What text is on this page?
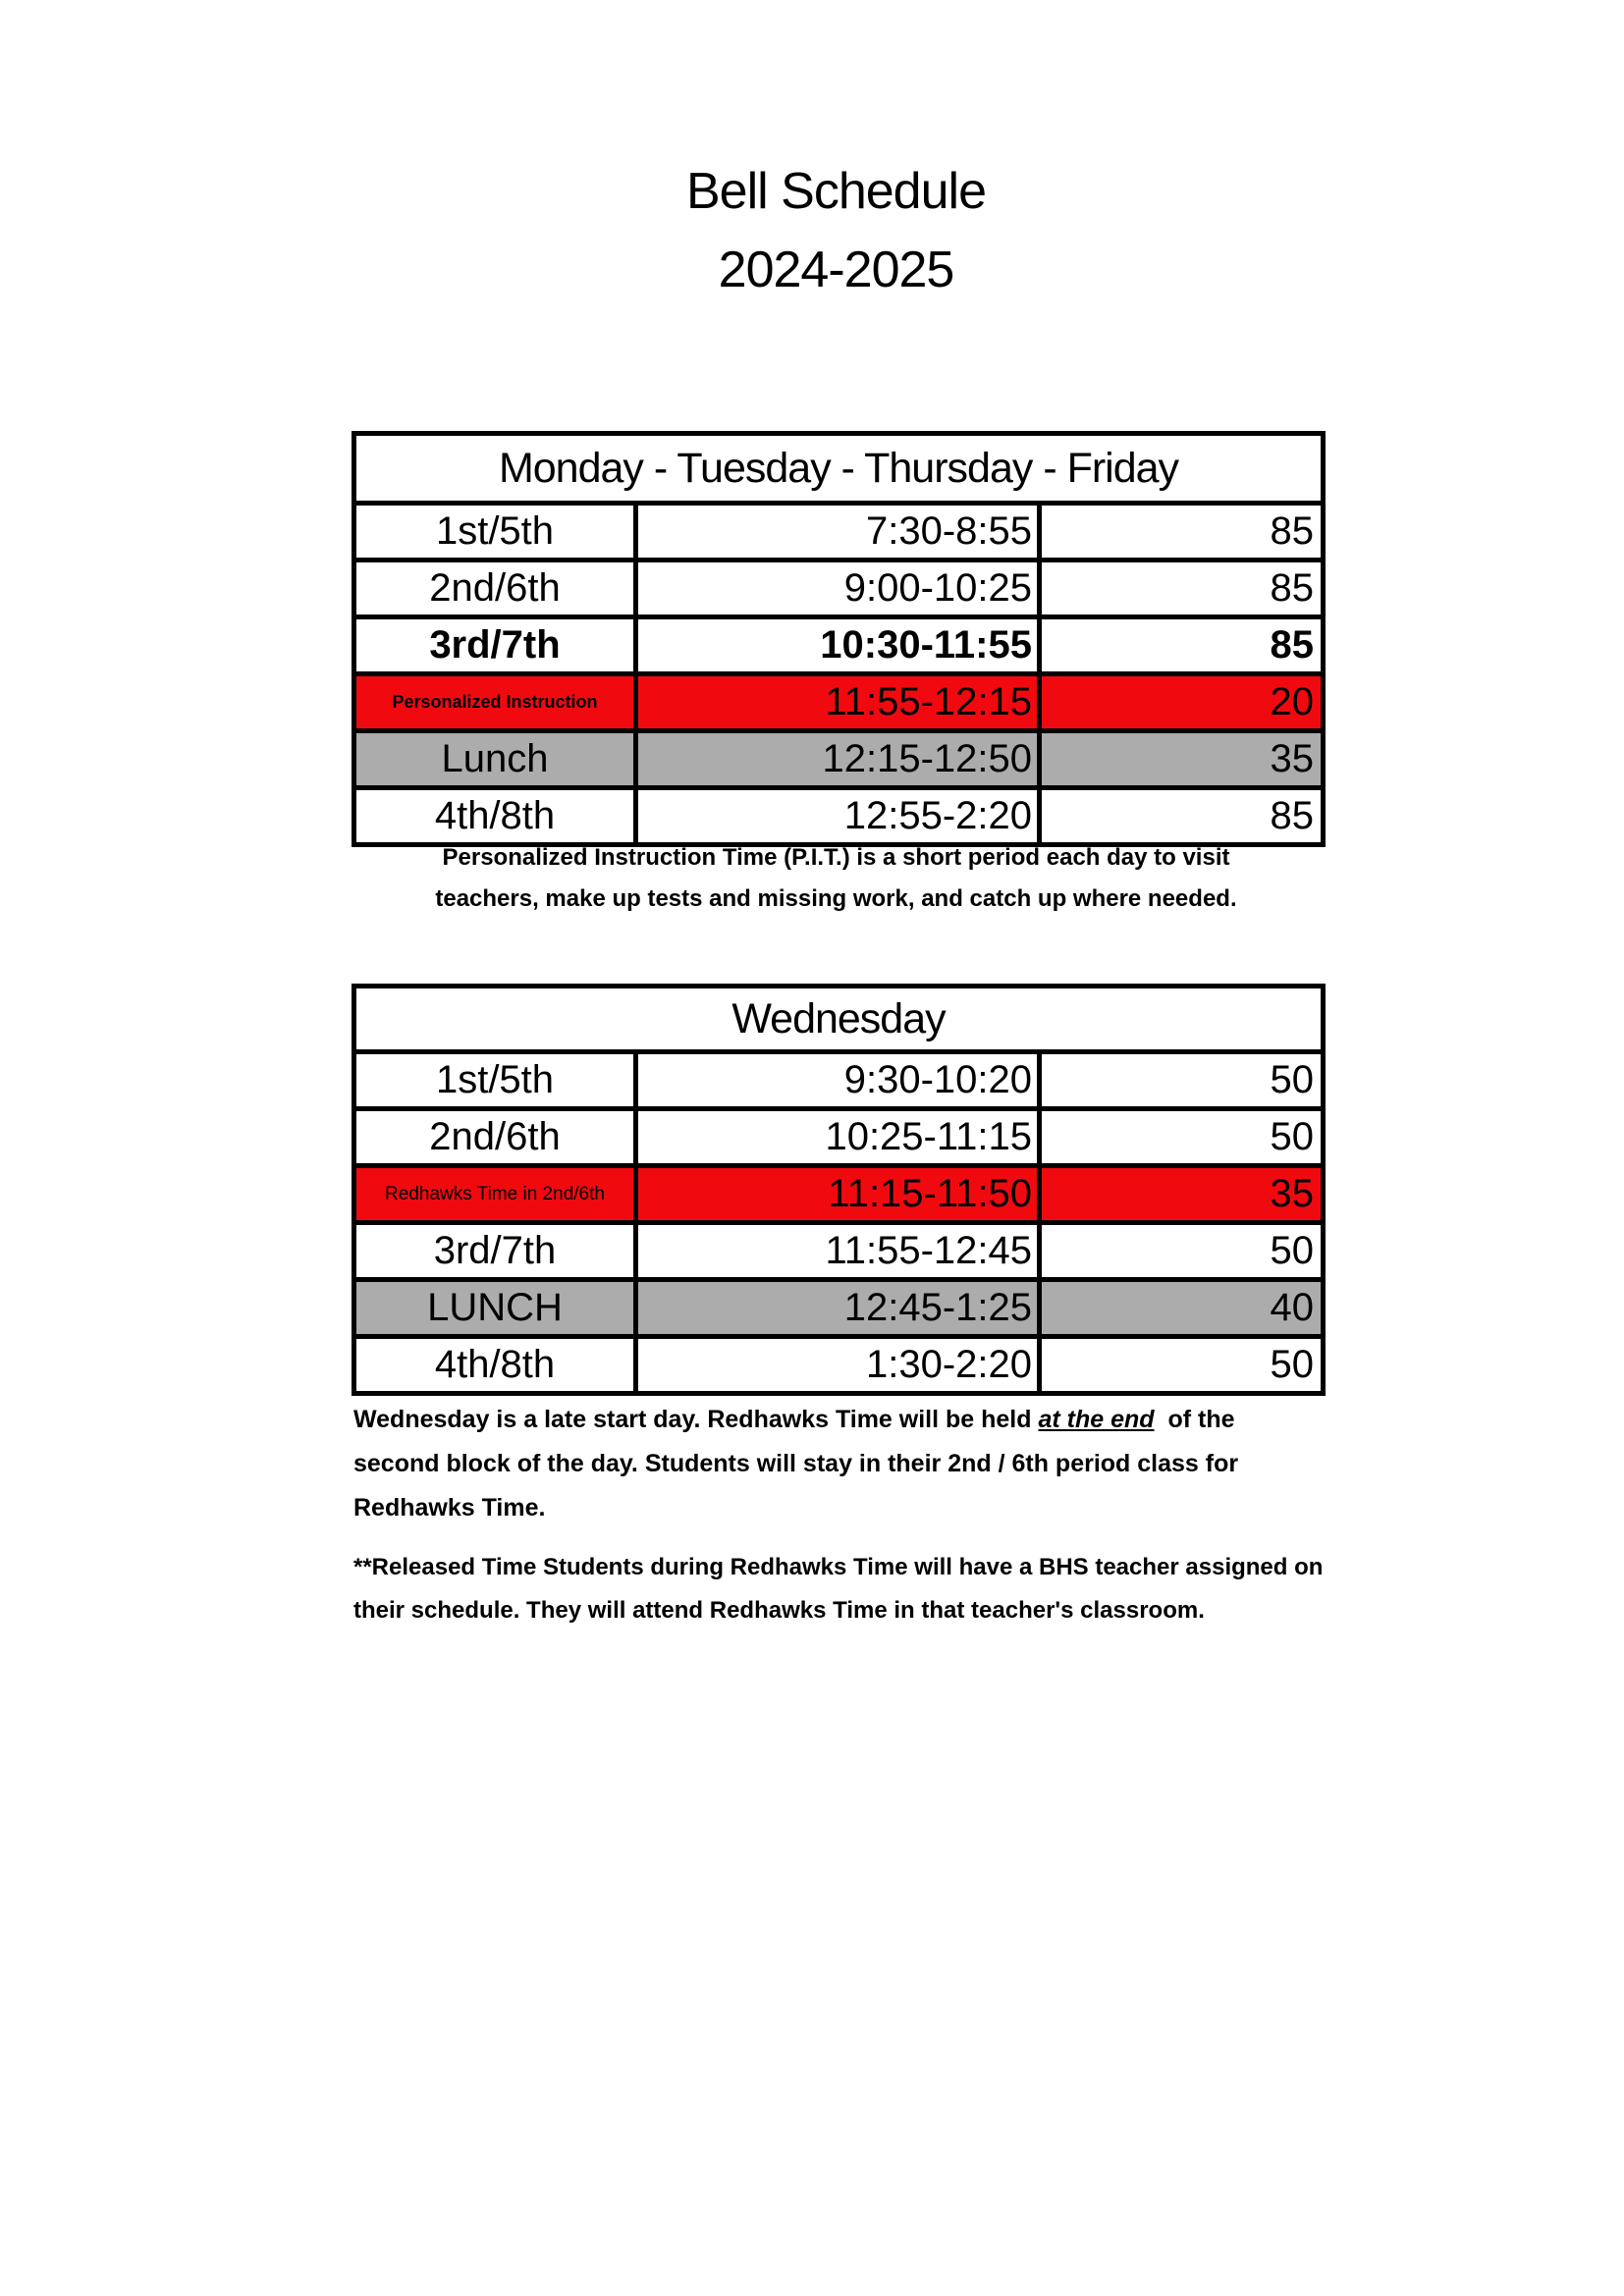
Bell Schedule
2024-2025
Monday - Tuesday - Thursday - Friday		
1st/5th	7:30-8:55	85
2nd/6th	9:00-10:25	85
3rd/7th	10:30-11:55	85
Personalized Instruction	11:55-12:15	20
Lunch	12:15-12:50	35
4th/8th	12:55-2:20	85
Personalized Instruction Time (P.I.T.) is a short period each day to visit
teachers, make up tests and missing work, and catch up where needed.
Wednesday		
1st/5th	9:30-10:20	50
2nd/6th	10:25-11:15	50
Redhawks Time in 2nd/6th	11:15-11:50	35
3rd/7th	11:55-12:45	50
LUNCH	12:45-1:25	40
4th/8th	1:30-2:20	50
Wednesday is a late start day. Redhawks Time will be held at the end  of the
second block of the day. Students will stay in their 2nd / 6th period class for
Redhawks Time.
**Released Time Students during Redhawks Time will have a BHS teacher assigned on
their schedule. They will attend Redhawks Time in that teacher's classroom.
